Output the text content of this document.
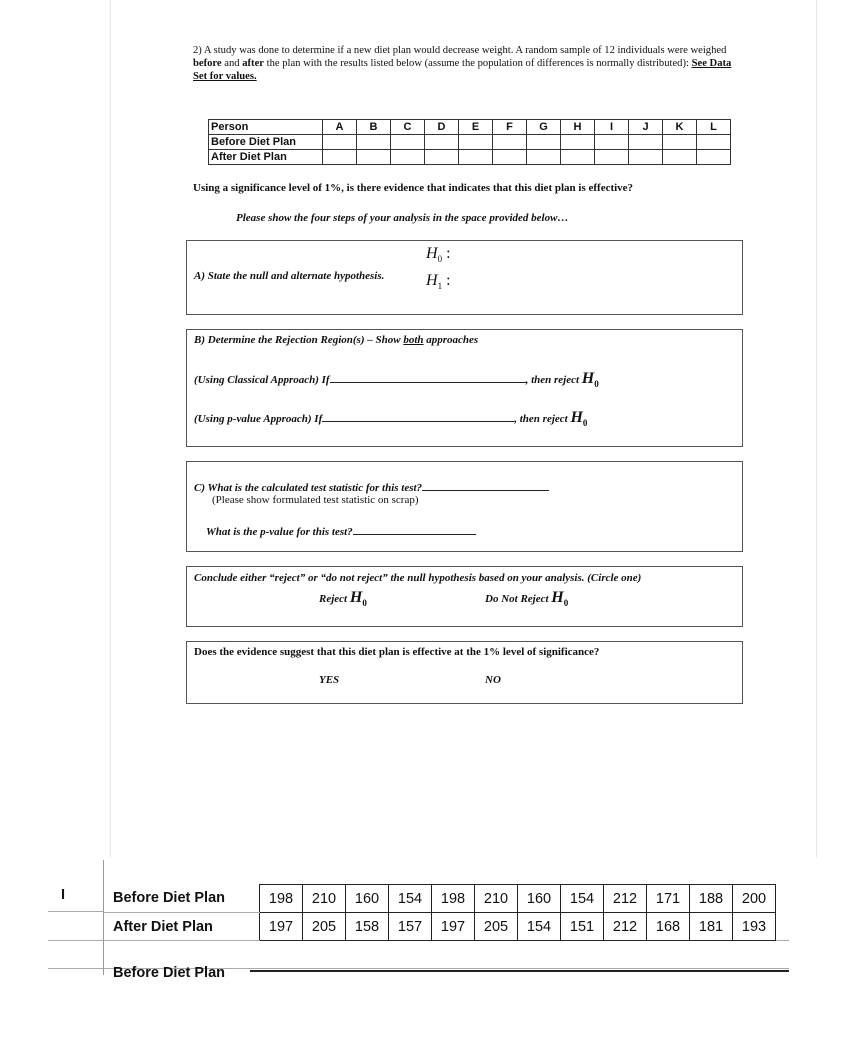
2) A study was done to determine if a new diet plan would decrease weight. A random sample of 12 individuals were weighed before and after the plan with the results listed below (assume the population of differences is normally distributed): See Data Set for values.
Person	A	B	C	D	E	F	G	H	I	J	K	L
Before Diet Plan												
After Diet Plan												
Using a significance level of 1%, is there evidence that indicates that this diet plan is effective?
Please show the four steps of your analysis in the space provided below…
A) State the null and alternate hypothesis.
$H_0$ :
$H_1$ :
B) Determine the Rejection Region(s) – Show both approaches
(Using Classical Approach) If	, then reject $H_0$
(Using p-value Approach) If	, then reject $H_0$
C) What is the calculated test statistic for this test?
(Please show formulated test statistic on scrap)
What is the p-value for this test?
Conclude either “reject” or “do not reject” the null hypothesis based on your analysis. (Circle one)
Reject $H_0$	Do Not Reject $H_0$
Does the evidence suggest that this diet plan is effective at the 1% level of significance?
YES	NO
I	Before Diet Plan	198	210	160	154	198	210	160	154	212	171	188	200
After Diet Plan	197	205	158	157	197	205	154	151	212	168	181	193
Before Diet Plan
